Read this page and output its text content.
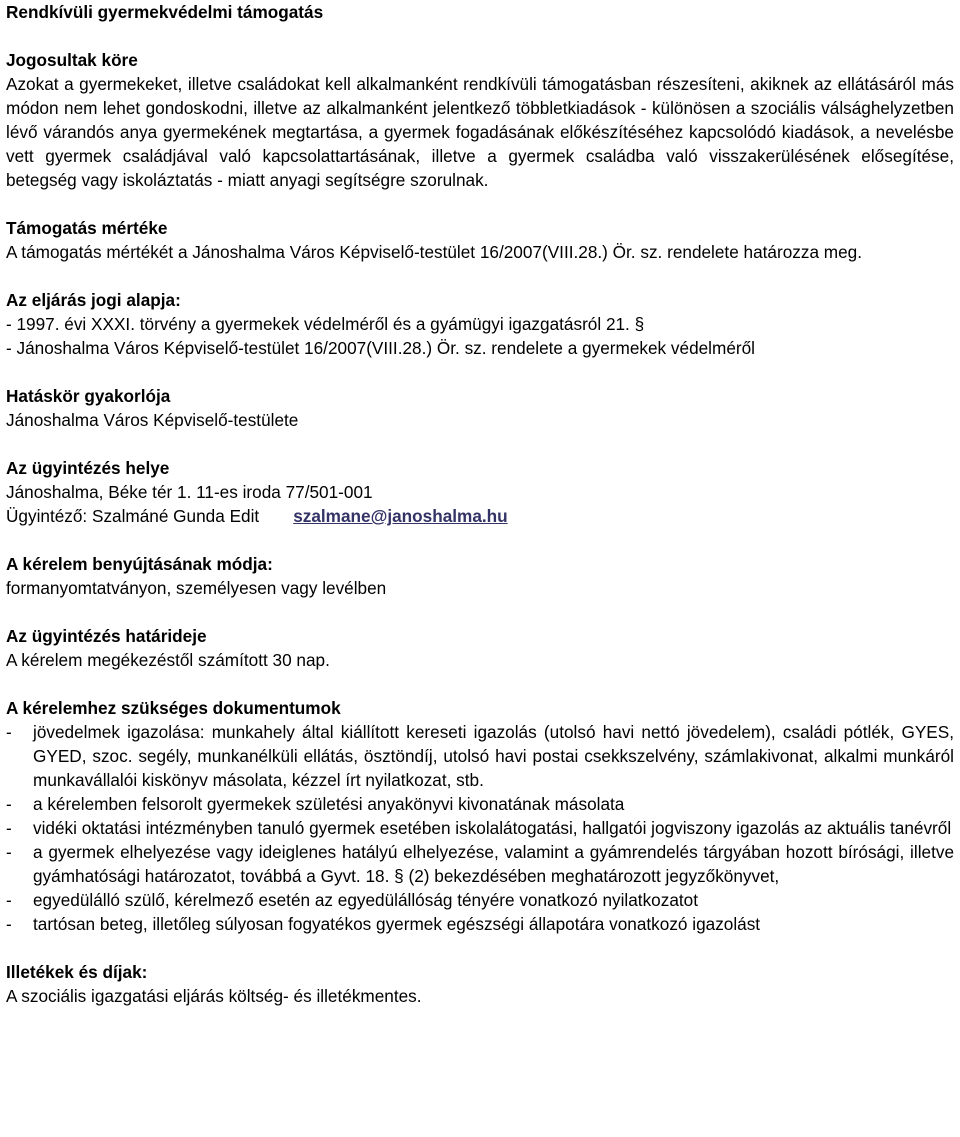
Rendkívüli gyermekvédelmi támogatás
Jogosultak köre
Azokat a gyermekeket, illetve családokat kell alkalmanként rendkívüli támogatásban részesíteni, akiknek az ellátásáról más módon nem lehet gondoskodni, illetve az alkalmanként jelentkező többletkiadások - különösen a szociális válsághelyzetben lévő várandós anya gyermekének megtartása, a gyermek fogadásának előkészítéséhez kapcsolódó kiadások, a nevelésbe vett gyermek családjával való kapcsolattartásának, illetve a gyermek családba való visszakerülésének elősegítése, betegség vagy iskoláztatás - miatt anyagi segítségre szorulnak.
Támogatás mértéke
A támogatás mértékét a Jánoshalma Város Képviselő-testület 16/2007(VIII.28.) Ör. sz. rendelete határozza meg.
Az eljárás jogi alapja:
- 1997. évi XXXI. törvény a gyermekek védelméről és a gyámügyi igazgatásról 21. §
- Jánoshalma Város Képviselő-testület 16/2007(VIII.28.) Ör. sz. rendelete a gyermekek védelméről
Hatáskör gyakorlója
Jánoshalma Város Képviselő-testülete
Az ügyintézés helye
Jánoshalma, Béke tér 1. 11-es iroda 77/501-001
Ügyintéző: Szalmáné Gunda Edit szalmane@janoshalma.hu
A kérelem benyújtásának módja:
formanyomtatványon, személyesen vagy levélben
Az ügyintézés határideje
A kérelem megékezéstől számított 30 nap.
A kérelemhez szükséges dokumentumok
- jövedelmek igazolása: munkahely által kiállított kereseti igazolás (utolsó havi nettó jövedelem), családi pótlék, GYES, GYED, szoc. segély, munkanélküli ellátás, ösztöndíj, utolsó havi postai csekkszelvény, számlakivonat, alkalmi munkáról munkavállalói kiskönyv másolata, kézzel írt nyilatkozat, stb.
- a kérelemben felsorolt gyermekek születési anyakönyvi kivonatának másolata
- vidéki oktatási intézményben tanuló gyermek esetében iskolalátogatási, hallgatói jogviszony igazolás az aktuális tanévről
- a gyermek elhelyezése vagy ideiglenes hatályú elhelyezése, valamint a gyámrendelés tárgyában hozott bírósági, illetve gyámhatósági határozatot, továbbá a Gyvt. 18. § (2) bekezdésében meghatározott jegyzőkönyvet,
- egyedülálló szülő, kérelmező esetén az egyedülállóság tényére vonatkozó nyilatkozatot
- tartósan beteg, illetőleg súlyosan fogyatékos gyermek egészségi állapotára vonatkozó igazolást
Illetékek és díjak:
A szociális igazgatási eljárás költség- és illetékmentes.
